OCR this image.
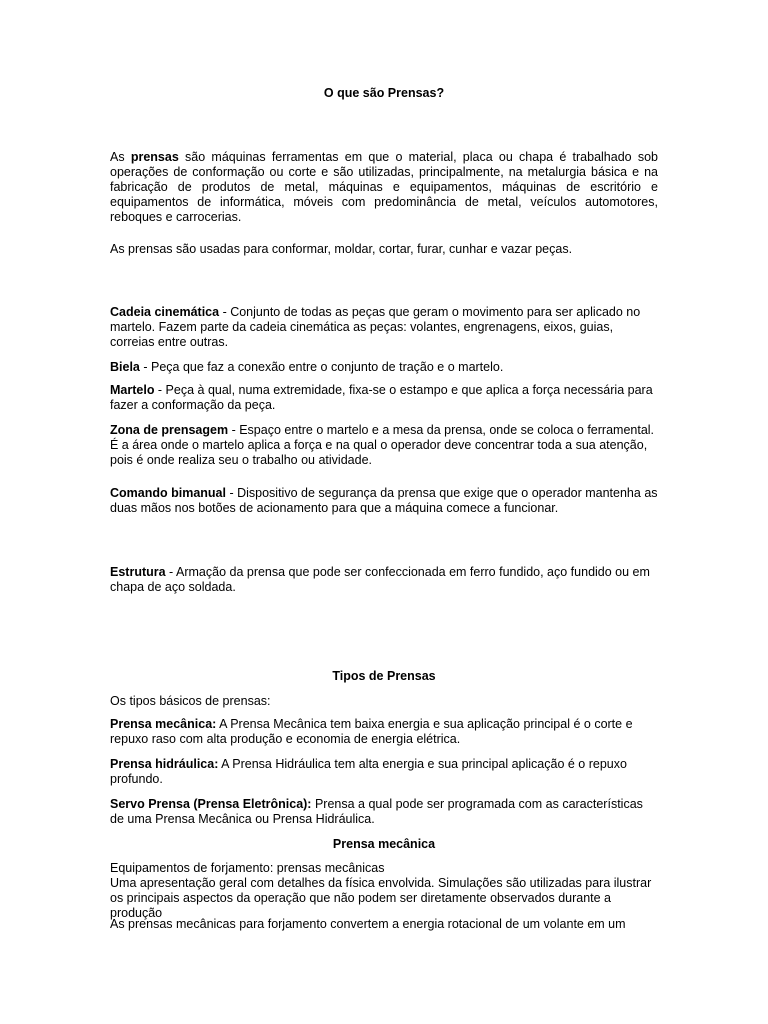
O que são Prensas?

As prensas são máquinas ferramentas em que o material, placa ou chapa é trabalhado sob operações de conformação ou corte e são utilizadas, principalmente, na metalurgia básica e na fabricação de produtos de metal, máquinas e equipamentos, máquinas de escritório e equipamentos de informática, móveis com predominância de metal, veículos automotores, reboques e carrocerias.

As prensas são usadas para conformar, moldar, cortar, furar, cunhar e vazar peças.

Cadeia cinemática - Conjunto de todas as peças que geram o movimento para ser aplicado no martelo. Fazem parte da cadeia cinemática as peças: volantes, engrenagens, eixos, guias, correias entre outras.

Biela - Peça que faz a conexão entre o conjunto de tração e o martelo.

Martelo - Peça à qual, numa extremidade, fixa-se o estampo e que aplica a força necessária para fazer a conformação da peça.

Zona de prensagem - Espaço entre o martelo e a mesa da prensa, onde se coloca o ferramental. É a área onde o martelo aplica a força e na qual o operador deve concentrar toda a sua atenção, pois é onde realiza seu o trabalho ou atividade.

Comando bimanual - Dispositivo de segurança da prensa que exige que o operador mantenha as duas mãos nos botões de acionamento para que a máquina comece a funcionar.

Estrutura - Armação da prensa que pode ser confeccionada em ferro fundido, aço fundido ou em chapa de aço soldada.

Tipos de Prensas

Os tipos básicos de prensas:

Prensa mecânica: A Prensa Mecânica tem baixa energia e sua aplicação principal é o corte e repuxo raso com alta produção e economia de energia elétrica.

Prensa hidráulica: A Prensa Hidráulica tem alta energia e sua principal aplicação é o repuxo profundo.

Servo Prensa (Prensa Eletrônica): Prensa a qual pode ser programada com as características de uma Prensa Mecânica ou Prensa Hidráulica.

Prensa mecânica

Equipamentos de forjamento: prensas mecânicas

Uma apresentação geral com detalhes da física envolvida. Simulações são utilizadas para ilustrar os principais aspectos da operação que não podem ser diretamente observados durante a produção

As prensas mecânicas para forjamento convertem a energia rotacional de um volante em um
